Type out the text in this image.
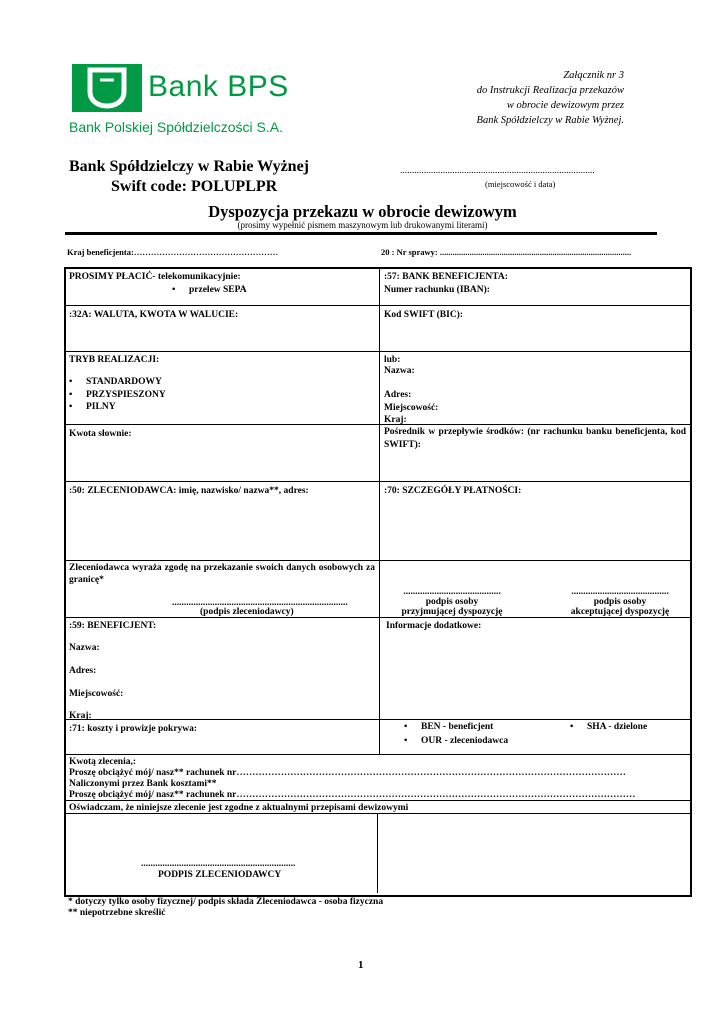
Bank BPS
Bank Polskiej Spółdzielczości S.A.
Załącznik nr 3
do Instrukcji Realizacja przekazów
w obrocie dewizowym przez
Bank Spółdzielczy w Rabie Wyżnej.
Bank Spółdzielczy w Rabie Wyżnej
Swift code: POLUPLPR
..................................................................................
(miejscowość i data)
Dyspozycja przekazu w obrocie dewizowym
(prosimy wypełnić pismem maszynowym lub drukowanymi literami)
Kraj beneficjenta:……………………………………………	20 : Nr sprawy: ..........................................................................................
PROSIMY PŁACIĆ- telekomunikacyjnie:
• przelew SEPA
:57: BANK BENEFICJENTA:
Numer rachunku (IBAN):
:32A: WALUTA, KWOTA W WALUCIE:	Kod SWIFT (BIC):
TRYB REALIZACJI:
• STANDARDOWY
• PRZYSPIESZONY
• PILNY
lub:
Nazwa:
Adres:
Miejscowość:
Kraj:
Kwota słownie:	Pośrednik w przepływie środków: (nr rachunku banku beneficjenta, kod SWIFT):
:50: ZLECENIODAWCA: imię, nazwisko/ nazwa**, adres:	:70: SZCZEGÓŁY PŁATNOŚCI:
Zleceniodawca wyraża zgodę na przekazanie swoich danych osobowych za granicę*
..........................................................................
(podpis zleceniodawcy)
.........................................
podpis osoby
przyjmującej dyspozycję
.........................................
podpis osoby
akceptującej dyspozycję
:59: BENEFICJENT:
Nazwa:
Adres:
Miejscowość:
Kraj:
Informacje dodatkowe:
:71: koszty i prowizje pokrywa:
•	BEN - beneficjent
• OUR - zleceniodawca
• SHA - dzielone
Kwotą zlecenia,:
Proszę obciążyć mój/ nasz** rachunek nr……………………………………………………………………………………………………………
Naliczonymi przez Bank kosztami**
Proszę obciążyć mój/ nasz** rachunek nr………………………………………………………………………………………………………………
Oświadczam, że niniejsze zlecenie jest zgodne z aktualnymi przepisami dewizowymi
.................................................................
PODPIS ZLECENIODAWCY
* dotyczy tylko osoby fizycznej/ podpis składa Zleceniodawca - osoba fizyczna
** niepotrzebne skreślić
1
